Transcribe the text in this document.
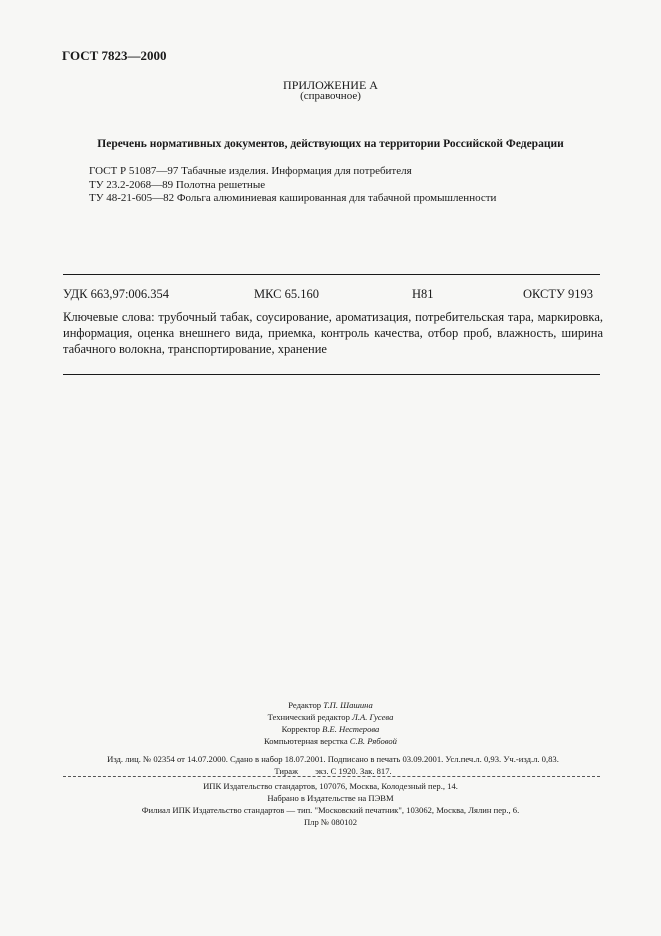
ГОСТ 7823—2000
ПРИЛОЖЕНИЕ А
(справочное)
Перечень нормативных документов, действующих на территории Российской Федерации
ГОСТ Р 51087—97 Табачные изделия. Информация для потребителя
ТУ 23.2-2068—89 Полотна решетные
ТУ 48-21-605—82 Фольга алюминиевая кашированная для табачной промышленности
УДК 663,97:006.354	МКС 65.160	Н81	ОКСТУ 9193
Ключевые слова: трубочный табак, соусирование, ароматизация, потребительская тара, маркировка, информация, оценка внешнего вида, приемка, контроль качества, отбор проб, влажность, ширина табачного волокна, транспортирование, хранение
Редактор Т.П. Шашина
Технический редактор Л.А. Гусева
Корректор В.Е. Нестерова
Компьютерная верстка С.В. Рябовой
Изд. лиц. № 02354 от 14.07.2000. Сдано в набор 18.07.2001. Подписано в печать 03.09.2001. Усл.печ.л. 0,93. Уч.-изд.л. 0,83.
Тираж        экз. С 1920. Зак. 817.
ИПК Издательство стандартов, 107076, Москва, Колодезный пер., 14.
Набрано в Издательстве на ПЭВМ
Филиал ИПК Издательство стандартов — тип. "Московский печатник", 103062, Москва, Лялин пер., 6.
Плр № 080102
